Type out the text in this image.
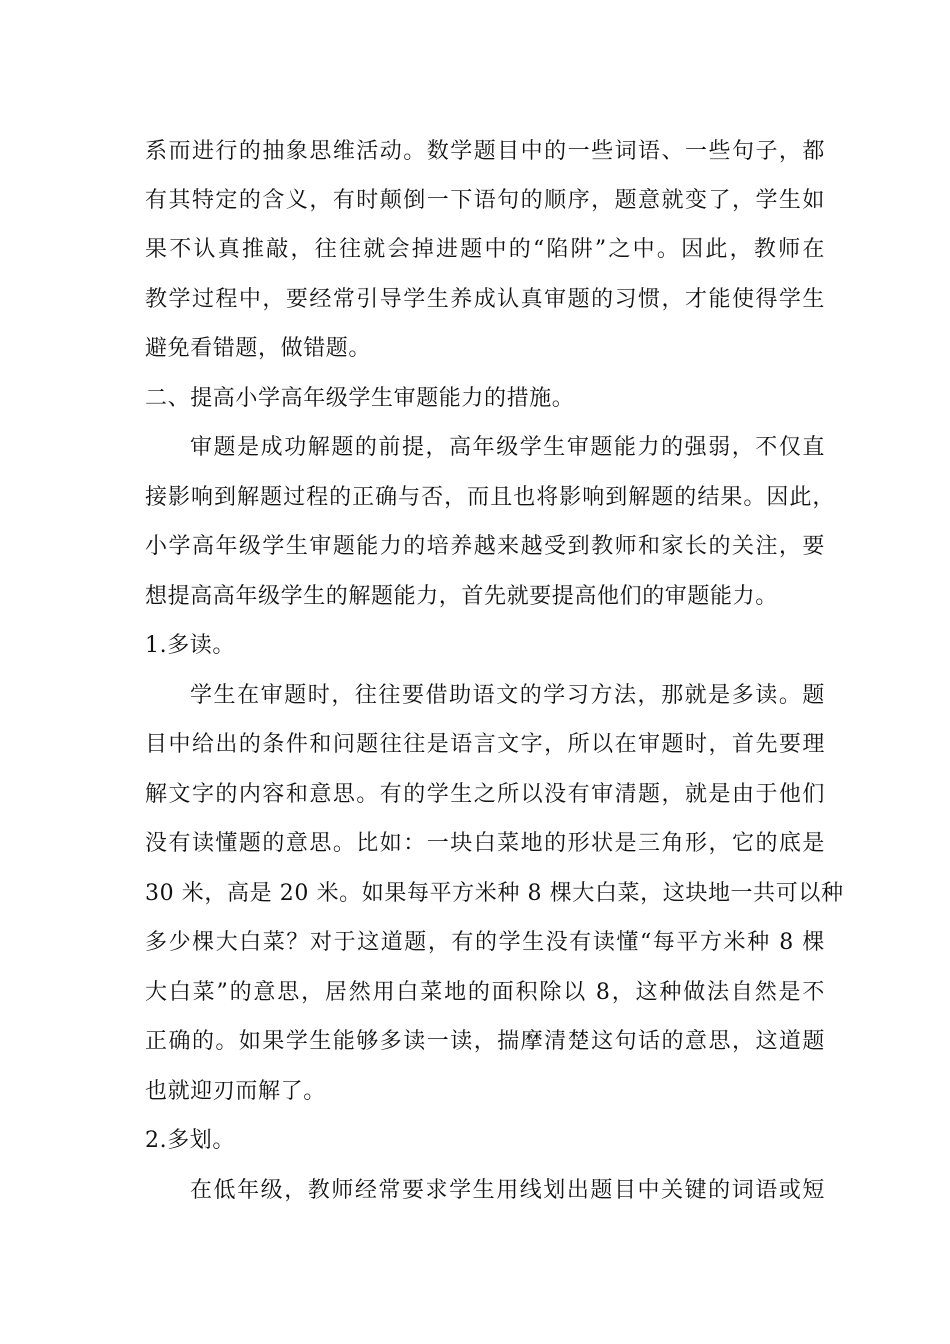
系而进行的抽象思维活动。数学题目中的一些词语、一些句子，都
有其特定的含义，有时颠倒一下语句的顺序，题意就变了，学生如
果不认真推敲，往往就会掉进题中的“陷阱”之中。因此，教师在
教学过程中，要经常引导学生养成认真审题的习惯，才能使得学生
避免看错题，做错题。
二、提高小学高年级学生审题能力的措施。
审题是成功解题的前提，高年级学生审题能力的强弱，不仅直
接影响到解题过程的正确与否，而且也将影响到解题的结果。因此，
小学高年级学生审题能力的培养越来越受到教师和家长的关注，要
想提高高年级学生的解题能力，首先就要提高他们的审题能力。
1.多读。
学生在审题时，往往要借助语文的学习方法，那就是多读。题
目中给出的条件和问题往往是语言文字，所以在审题时，首先要理
解文字的内容和意思。有的学生之所以没有审清题，就是由于他们
没有读懂题的意思。比如：一块白菜地的形状是三角形，它的底是
30 米，高是 20 米。如果每平方米种 8 棵大白菜，这块地一共可以种
多少棵大白菜？对于这道题，有的学生没有读懂“每平方米种 8 棵
大白菜”的意思，居然用白菜地的面积除以 8，这种做法自然是不
正确的。如果学生能够多读一读，揣摩清楚这句话的意思，这道题
也就迎刃而解了。
2.多划。
在低年级，教师经常要求学生用线划出题目中关键的词语或短
